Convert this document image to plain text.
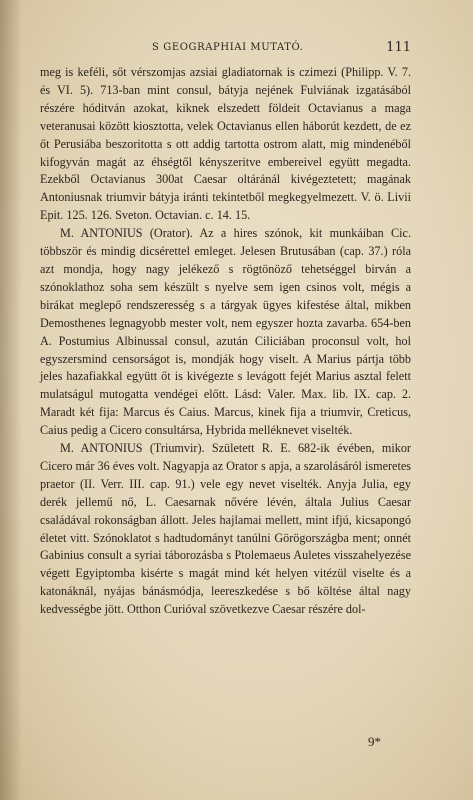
S GEOGRAPHIAI MUTATÓ.	111

meg is keféli, sőt vérszomjas azsiai gladiatornak is czimezi (Philipp. V. 7. és VI. 5). 713-ban mint consul, bátyja nejének Fulviának izgatásából részére hóditván azokat, kiknek elszedett földeit Octavianus a maga veteranusai között kiosztotta, velek Octavianus ellen háborút kezdett, de ez őt Perusiába beszoritotta s ott addig tartotta ostrom alatt, mig mindenéből kifogyván magát az éhségtől kényszeritve embereivel együtt megadta. Ezekből Octavianus 300at Caesar oltáránál kivégeztetett; magának Antoniusnak triumvir bátyja iránti tekintetből megkegyelmezett. V. ö. Livii Epit. 125. 126. Sveton. Octavian. c. 14. 15.

M. ANTONIUS (Orator). Az a hires szónok, kit munkáiban Cic. többször és mindig dicsérettel emleget. Jelesen Brutusában (cap. 37.) róla azt mondja, hogy nagy jelékező s rögtönöző tehetséggel birván a szónoklathoz soha sem készült s nyelve sem igen csinos volt, mégis a birákat meglepő rendszeresség s a tárgyak ügyes kifestése által, mikben Demosthenes legnagyobb mester volt, nem egyszer hozta zavarba. 654-ben A. Postumius Albinussal consul, azután Ciliciában proconsul volt, hol egyszersmind censorságot is, mondják hogy viselt. A Marius pártja több jeles hazafiakkal együtt őt is kivégezte s levágott fejét Marius asztal felett mulatságul mutogatta vendégei előtt. Lásd: Valer. Max. lib. IX. cap. 2. Maradt két fija: Marcus és Caius. Marcus, kinek fija a triumvir, Creticus, Caius pedig a Cicero consultársa, Hybrida melléknevet viselték.

M. ANTONIUS (Triumvir). Született R. E. 682-ik évében, mikor Cicero már 36 éves volt. Nagyapja az Orator s apja, a szarolásáról ismeretes praetor (II. Verr. III. cap. 91.) vele egy nevet viselték. Anyja Julia, egy derék jellemű nő, L. Caesarnak nővére lévén, általa Julius Caesar családával rokonságban állott. Jeles hajlamai mellett, mint ifjú, kicsapongó életet vitt. Szónoklatot s hadtudományt tanúlni Görögországba ment; onnét Gabinius consult a syriai táborozásba s Ptolemaeus Auletes visszahelyezése végett Egyiptomba kisérte s magát mind két helyen vitézül viselte és a katonáknál, nyájas bánásmódja, leereszkedése s bő költése által nagy kedvességbe jött. Otthon Curióval szövetkezve Caesar részére dol-

9*
